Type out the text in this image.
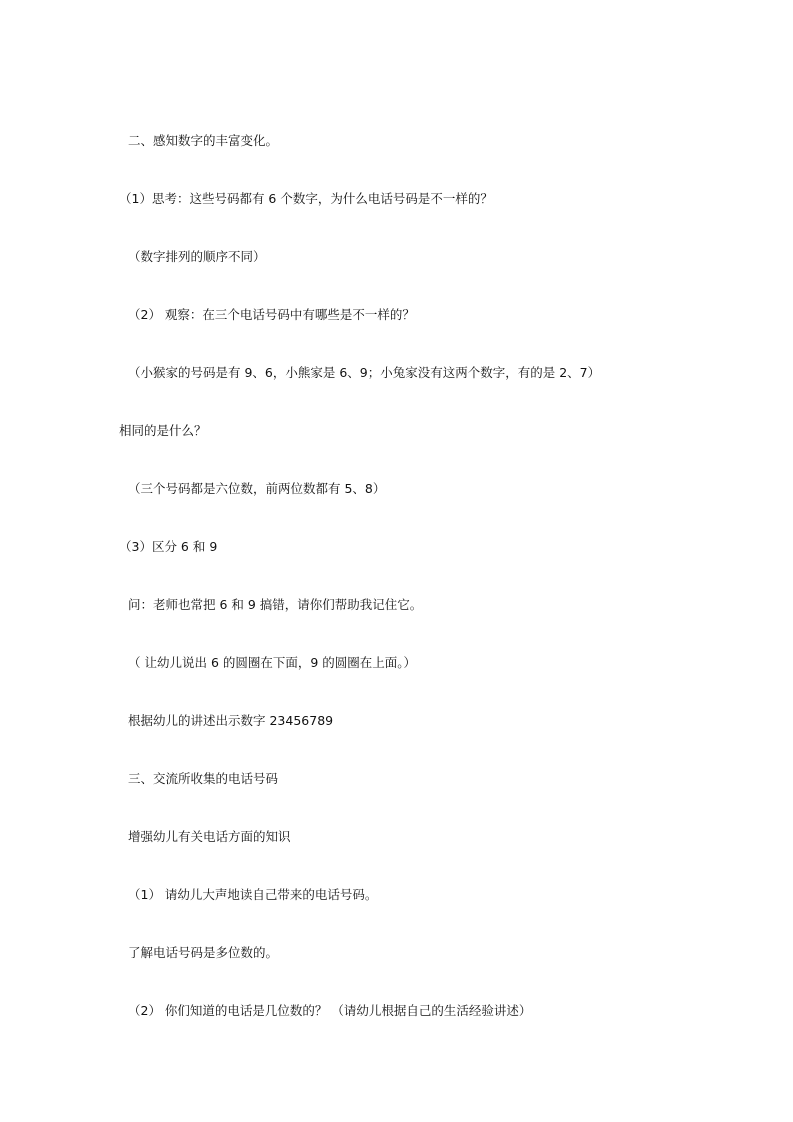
二、感知数字的丰富变化。
（1）思考：这些号码都有 6 个数字，为什么电话号码是不一样的？
（数字排列的顺序不同）
（2） 观察：在三个电话号码中有哪些是不一样的？
（小猴家的号码是有 9、6，小熊家是 6、9；小兔家没有这两个数字，有的是 2、7）
相同的是什么？
（三个号码都是六位数，前两位数都有 5、8）
（3）区分 6 和 9
问：老师也常把 6 和 9 搞错，请你们帮助我记住它。
（ 让幼儿说出 6 的圆圈在下面，9 的圆圈在上面。）
根据幼儿的讲述出示数字 23456789
三、交流所收集的电话号码
增强幼儿有关电话方面的知识
（1） 请幼儿大声地读自己带来的电话号码。
了解电话号码是多位数的。
（2） 你们知道的电话是几位数的？ （请幼儿根据自己的生活经验讲述）
